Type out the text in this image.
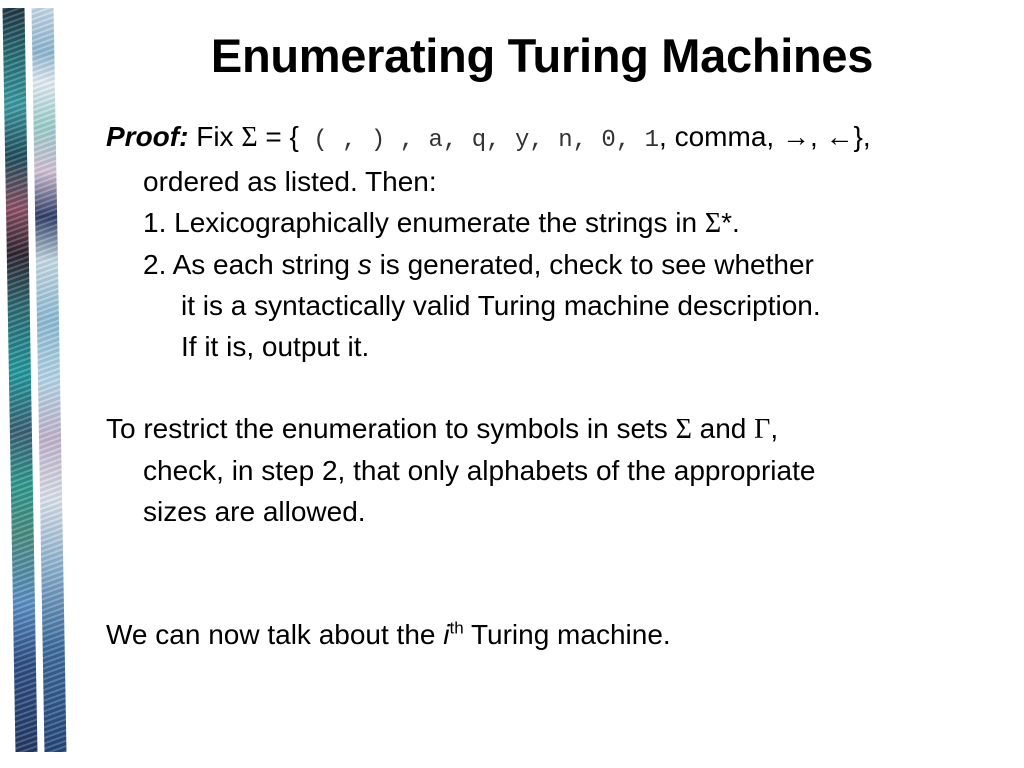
Enumerating Turing Machines
Proof: Fix Σ = { ( , ) , a, q, y, n, 0, 1, comma, →, ←},
ordered as listed. Then:
1. Lexicographically enumerate the strings in Σ*.
2. As each string s is generated, check to see whether
it is a syntactically valid Turing machine description.
If it is, output it.
To restrict the enumeration to symbols in sets Σ and Γ,
check, in step 2, that only alphabets of the appropriate
sizes are allowed.
We can now talk about the $i^{th}$ Turing machine.
